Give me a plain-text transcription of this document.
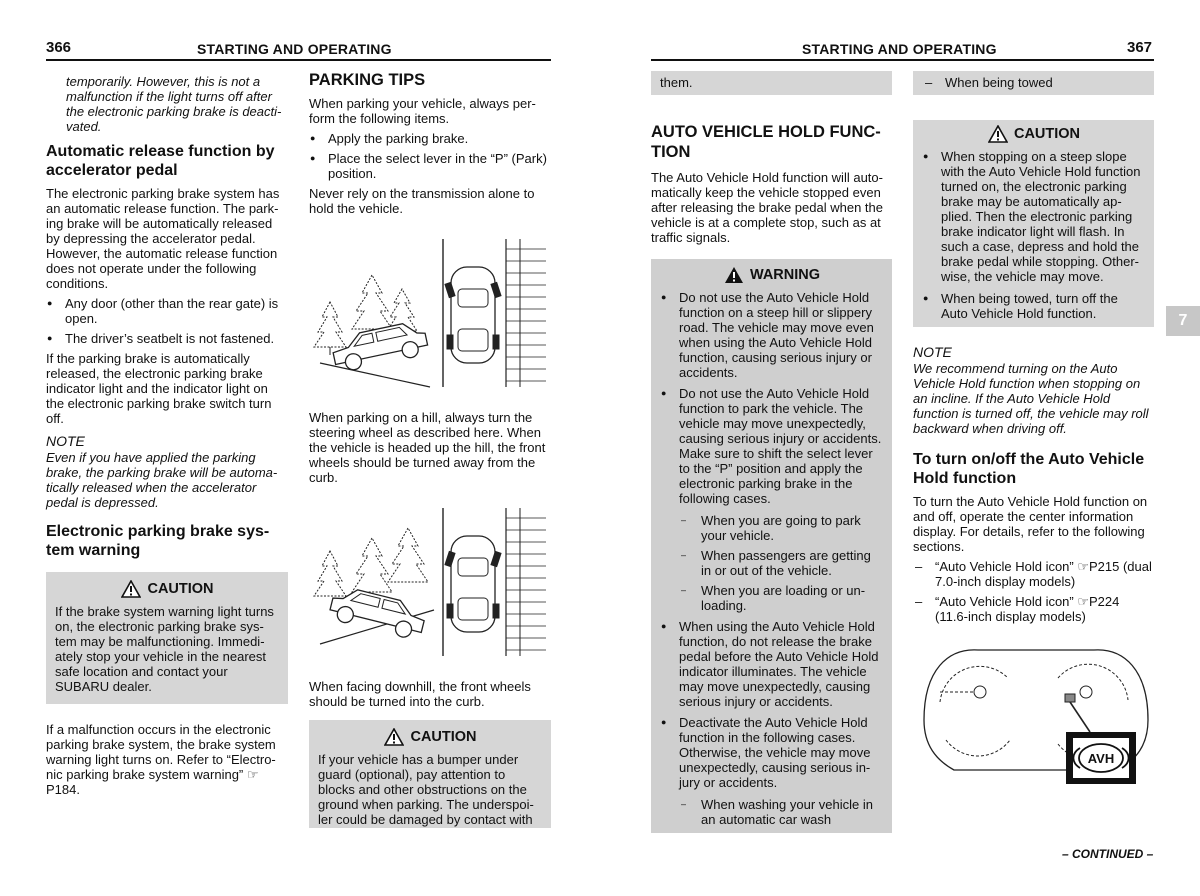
366	STARTING AND OPERATING	STARTING AND OPERATING	367

temporarily. However, this is not a malfunction if the light turns off after the electronic parking brake is deacti-vated.

Automatic release function by accelerator pedal

The electronic parking brake system has an automatic release function. The park-ing brake will be automatically released by depressing the accelerator pedal. However, the automatic release function does not operate under the following conditions.

● Any door (other than the rear gate) is open.
● The driver’s seatbelt is not fastened.

If the parking brake is automatically released, the electronic parking brake indicator light and the indicator light on the electronic parking brake switch turn off.

NOTE

Even if you have applied the parking brake, the parking brake will be automa-tically released when the accelerator pedal is depressed.

Electronic parking brake sys-tem warning
CAUTION

If the brake system warning light turns on, the electronic parking brake sys-tem may be malfunctioning. Immedi-ately stop your vehicle in the nearest safe location and contact your SUBARU dealer.

If a malfunction occurs in the electronic parking brake system, the brake system warning light turns on. Refer to “Electro-nic parking brake system warning” ☞P184.

PARKING TIPS

When parking your vehicle, always per-form the following items.

● Apply the parking brake.
● Place the select lever in the “P” (Park) position.

Never rely on the transmission alone to hold the vehicle.

When parking on a hill, always turn the steering wheel as described here. When the vehicle is headed up the hill, the front wheels should be turned away from the curb.

When facing downhill, the front wheels should be turned into the curb.

CAUTION

If your vehicle has a bumper under guard (optional), pay attention to blocks and other obstructions on the ground when parking. The underspoi-ler could be damaged by contact with

them.
AUTO VEHICLE HOLD FUNC-TION

The Auto Vehicle Hold function will auto-matically keep the vehicle stopped even after releasing the brake pedal when the vehicle is at a complete stop, such as at traffic signals.

WARNING
● Do not use the Auto Vehicle Hold function on a steep hill or slippery road. The vehicle may move even when using the Auto Vehicle Hold function, causing serious injury or accidents.
● Do not use the Auto Vehicle Hold function to park the vehicle. The vehicle may move unexpectedly, causing serious injury or accidents. Make sure to shift the select lever to the “P” position and apply the electronic parking brake in the following cases.
– When you are going to park your vehicle.
– When passengers are getting in or out of the vehicle.
– When you are loading or un-loading.
● When using the Auto Vehicle Hold function, do not release the brake pedal before the Auto Vehicle Hold indicator illuminates. The vehicle may move unexpectedly, causing serious injury or accidents.
● Deactivate the Auto Vehicle Hold function in the following cases. Otherwise, the vehicle may move unexpectedly, causing serious in-jury or accidents.
– When washing your vehicle in an automatic car wash
– When being towed
CAUTION
● When stopping on a steep slope with the Auto Vehicle Hold function turned on, the electronic parking brake may be automatically ap-plied. Then the electronic parking brake indicator light will flash. In such a case, depress and hold the brake pedal while stopping. Other-wise, the vehicle may move.
● When being towed, turn off the Auto Vehicle Hold function.
NOTE

We recommend turning on the Auto Vehicle Hold function when stopping on an incline. If the Auto Vehicle Hold function is turned off, the vehicle may roll backward when driving off.

To turn on/off the Auto Vehicle Hold function

To turn the Auto Vehicle Hold function on and off, operate the center information display. For details, refer to the following sections.

– “Auto Vehicle Hold icon” ☞P215 (dual 7.0-inch display models)
– “Auto Vehicle Hold icon” ☞P224 (11.6-inch display models)
AVH
7
– CONTINUED –
